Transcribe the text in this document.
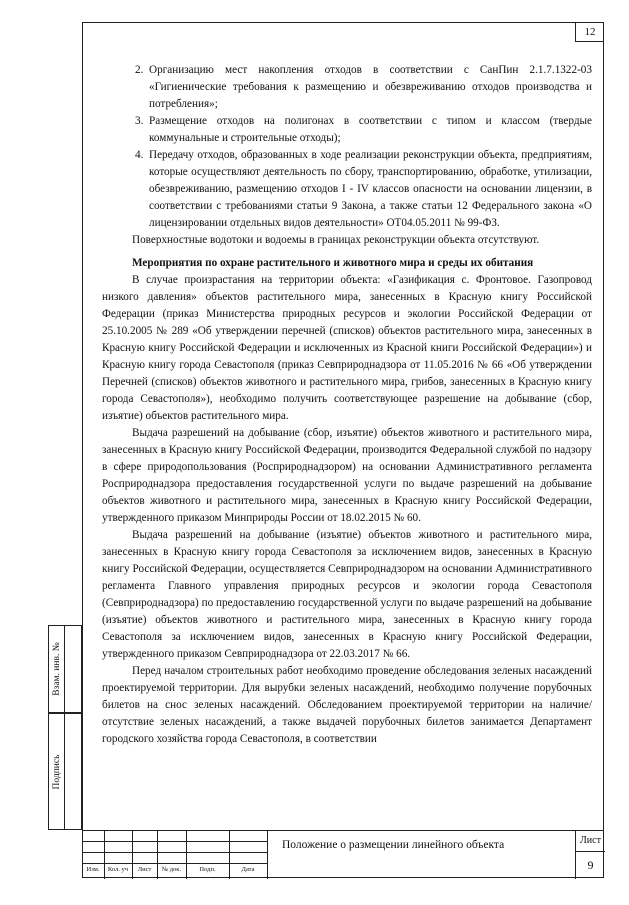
12

2. Организацию мест накопления отходов в соответствии с СанПин 2.1.7.1322-03 «Гигиенические требования к размещению и обезвреживанию отходов производства и потребления»;

3. Размещение отходов на полигонах в соответствии с типом и классом (твердые коммунальные и строительные отходы);

4. Передачу отходов, образованных в ходе реализации реконструкции объекта, предприятиям, которые осуществляют деятельность по сбору, транспортированию, обработке, утилизации, обезвреживанию, размещению отходов I - IV классов опасности на основании лицензии, в соответствии с требованиями статьи 9 Закона, а также статьи 12 Федерального закона «О лицензировании отдельных видов деятельности» ОТ04.05.2011 № 99-ФЗ.

Поверхностные водотоки и водоемы в границах реконструкции объекта отсутствуют.

Мероприятия по охране растительного и животного мира и среды их обитания

В случае произрастания на территории объекта: «Газификация с. Фронтовое. Газопровод низкого давления» объектов растительного мира, занесенных в Красную книгу Российской Федерации (приказ Министерства природных ресурсов и экологии Российской Федерации от 25.10.2005 № 289 «Об утверждении перечней (списков) объектов растительного мира, занесенных в Красную книгу Российской Федерации и исключенных из Красной книги Российской Федерации») и Красную книгу города Севастополя (приказ Севприроднадзора от 11.05.2016 № 66 «Об утверждении Перечней (списков) объектов животного и растительного мира, грибов, занесенных в Красную книгу города Севастополя»), необходимо получить соответствующее разрешение на добывание (сбор, изъятие) объектов растительного мира.

Выдача разрешений на добывание (сбор, изъятие) объектов животного и растительного мира, занесенных в Красную книгу Российской Федерации, производится Федеральной службой по надзору в сфере природопользования (Росприроднадзором) на основании Административного регламента Росприроднадзора предоставления государственной услуги по выдаче разрешений на добывание объектов животного и растительного мира, занесенных в Красную книгу Российской Федерации, утвержденного приказом Минприроды России от 18.02.2015 № 60.

Выдача разрешений на добывание (изъятие) объектов животного и растительного мира, занесенных в Красную книгу города Севастополя за исключением видов, занесенных в Красную книгу Российской Федерации, осуществляется Севприроднадзором на основании Административного регламента Главного управления природных ресурсов и экологии города Севастополя (Севприроднадзора) по предоставлению государственной услуги по выдаче разрешений на добывание (изъятие) объектов животного и растительного мира, занесенных в Красную книгу города Севастополя за исключением видов, занесенных в Красную книгу Российской Федерации, утвержденного приказом Севприроднадзора от 22.03.2017 № 66.

Перед началом строительных работ необходимо проведение обследования зеленых насаждений проектируемой территории. Для вырубки зеленых насаждений, необходимо получение порубочных билетов на снос зеленых насаждений. Обследованием проектируемой территории на наличие/отсутствие зеленых насаждений, а также выдачей порубочных билетов занимается Департамент городского хозяйства города Севастополя, в соответствии

Взам. инв. №
Подпись
Изм.	Кол. уч	Лист	№ док.	Подп.	Дата
Положение о размещении линейного объекта	Лист
9
